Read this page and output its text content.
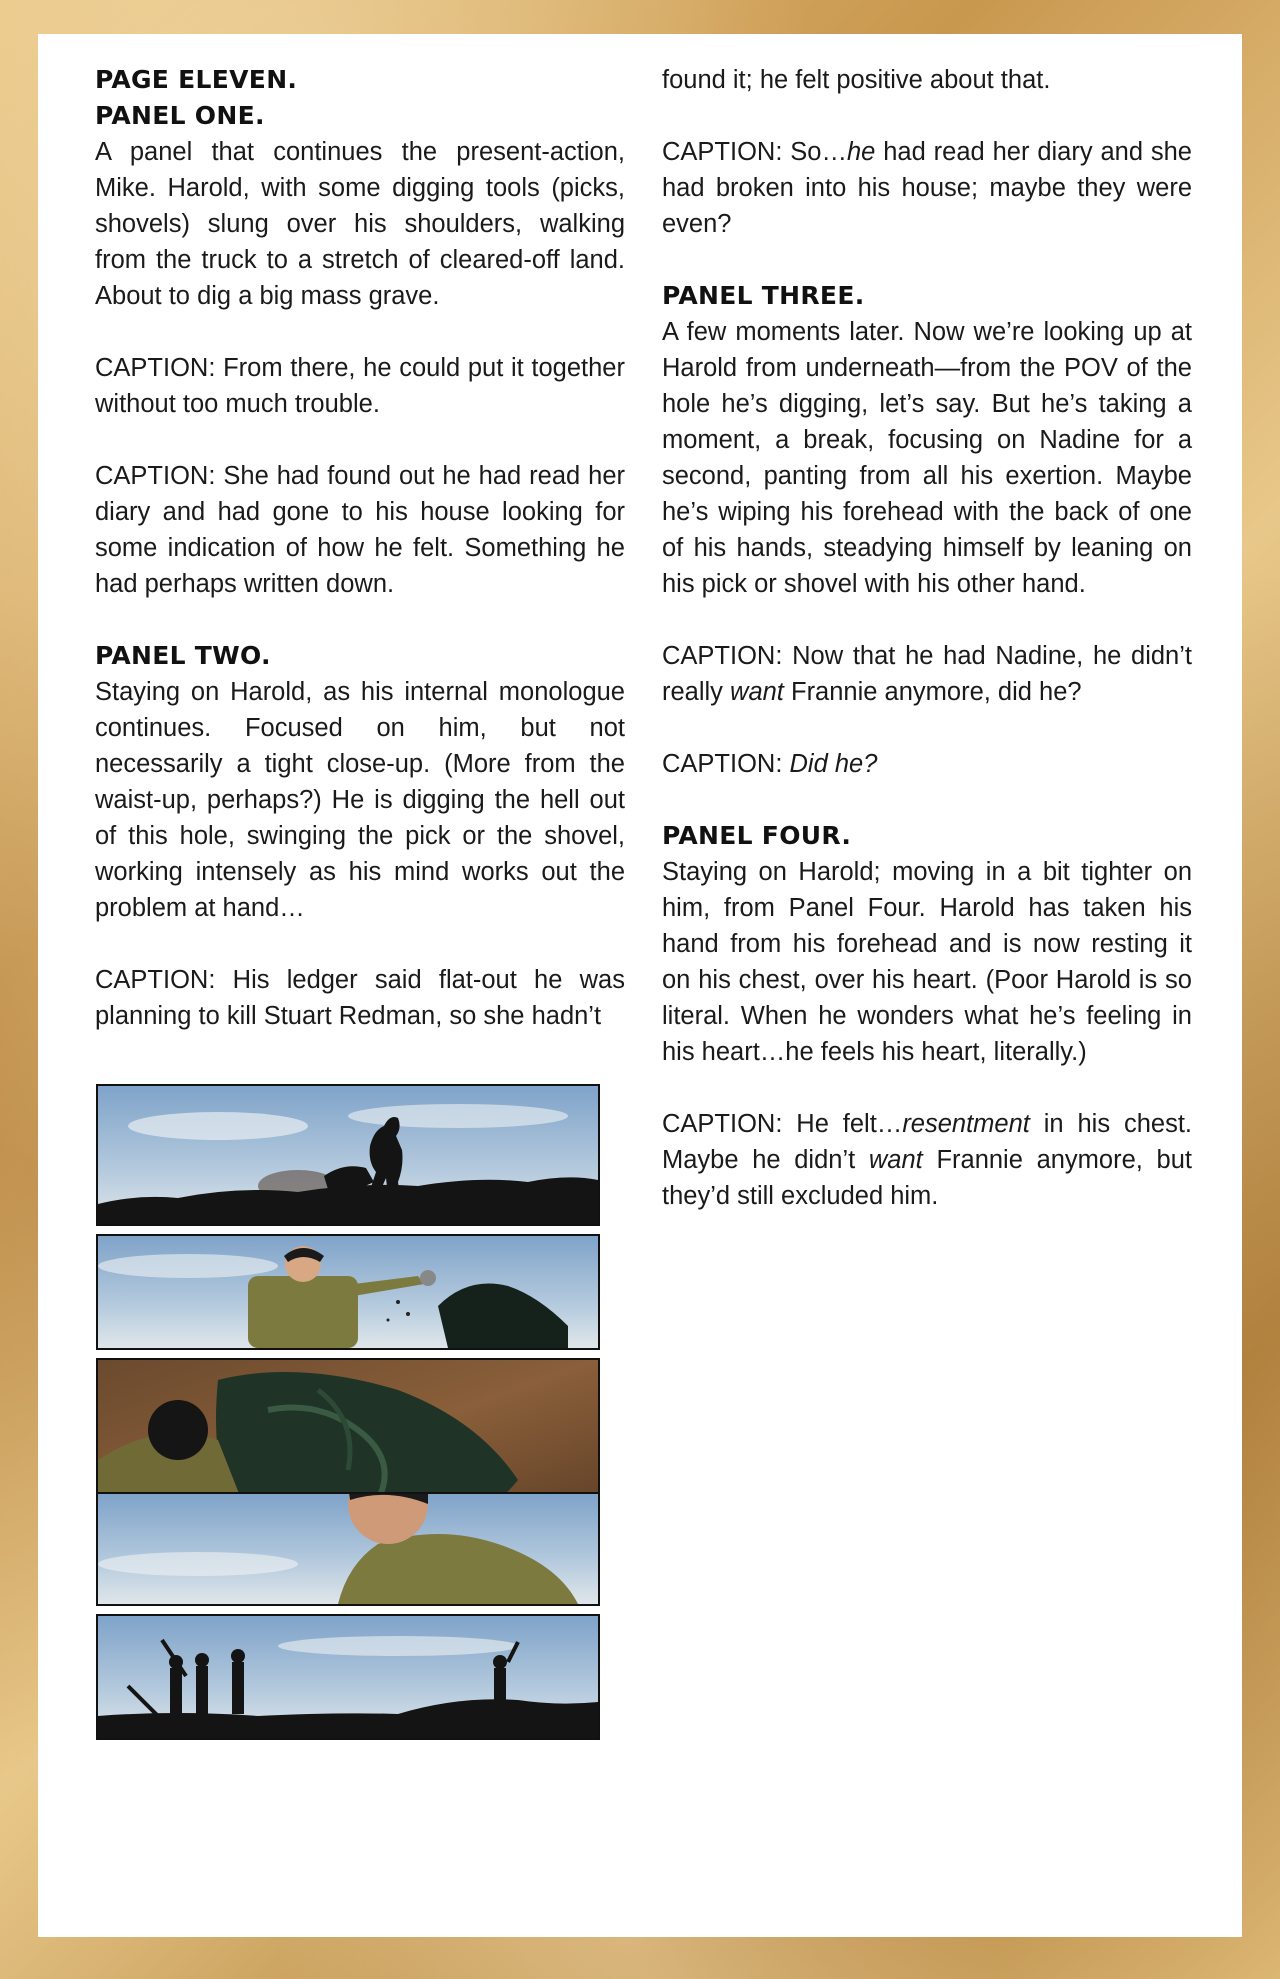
PAGE ELEVEN.
PANEL ONE.

A panel that continues the present-action, Mike. Harold, with some digging tools (picks, shovels) slung over his shoulders, walking from the truck to a stretch of cleared-off land. About to dig a big mass grave.

CAPTION: From there, he could put it together without too much trouble.

CAPTION: She had found out he had read her diary and had gone to his house looking for some indication of how he felt. Something he had perhaps written down.

PANEL TWO.

Staying on Harold, as his internal monologue continues. Focused on him, but not necessarily a tight close-up. (More from the waist-up, perhaps?) He is digging the hell out of this hole, swinging the pick or the shovel, working intensely as his mind works out the problem at hand…

CAPTION: His ledger said flat-out he was planning to kill Stuart Redman, so she hadn’t

found it; he felt positive about that.

CAPTION: So…he had read her diary and she had broken into his house; maybe they were even?

PANEL THREE.

A few moments later. Now we’re looking up at Harold from underneath—from the POV of the hole he’s digging, let’s say. But he’s taking a moment, a break, focusing on Nadine for a second, panting from all his exertion. Maybe he’s wiping his forehead with the back of one of his hands, steadying himself by leaning on his pick or shovel with his other hand.

CAPTION: Now that he had Nadine, he didn’t really want Frannie anymore, did he?

CAPTION: Did he?

PANEL FOUR.

Staying on Harold; moving in a bit tighter on him, from Panel Four. Harold has taken his hand from his forehead and is now resting it on his chest, over his heart. (Poor Harold is so literal. When he wonders what he’s feeling in his heart…he feels his heart, literally.)

CAPTION: He felt…resentment in his chest. Maybe he didn’t want Frannie anymore, but they’d still excluded him.
